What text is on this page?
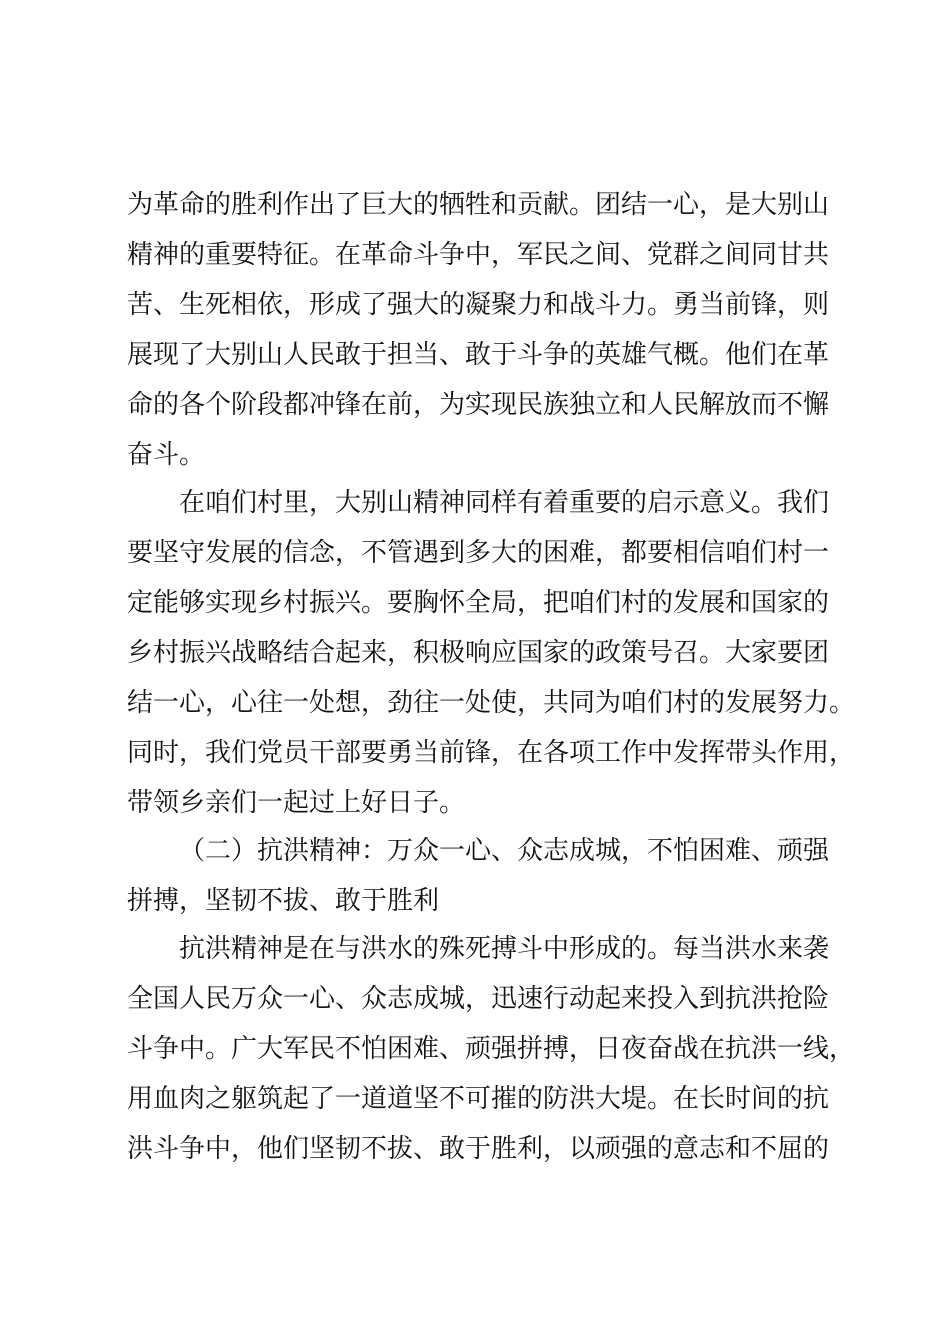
为革命的胜利作出了巨大的牺牲和贡献。团结一心，是大别山
精神的重要特征。在革命斗争中，军民之间、党群之间同甘共
苦、生死相依，形成了强大的凝聚力和战斗力。勇当前锋，则
展现了大别山人民敢于担当、敢于斗争的英雄气概。他们在革
命的各个阶段都冲锋在前，为实现民族独立和人民解放而不懈
奋斗。
在咱们村里，大别山精神同样有着重要的启示意义。我们
要坚守发展的信念，不管遇到多大的困难，都要相信咱们村一
定能够实现乡村振兴。要胸怀全局，把咱们村的发展和国家的
乡村振兴战略结合起来，积极响应国家的政策号召。大家要团
结一心，心往一处想，劲往一处使，共同为咱们村的发展努力。
同时，我们党员干部要勇当前锋，在各项工作中发挥带头作用，
带领乡亲们一起过上好日子。
（二）抗洪精神：万众一心、众志成城，不怕困难、顽强
拼搏，坚韧不拔、敢于胜利
抗洪精神是在与洪水的殊死搏斗中形成的。每当洪水来袭
全国人民万众一心、众志成城，迅速行动起来投入到抗洪抢险
斗争中。广大军民不怕困难、顽强拼搏，日夜奋战在抗洪一线，
用血肉之躯筑起了一道道坚不可摧的防洪大堤。在长时间的抗
洪斗争中，他们坚韧不拔、敢于胜利，以顽强的意志和不屈的
